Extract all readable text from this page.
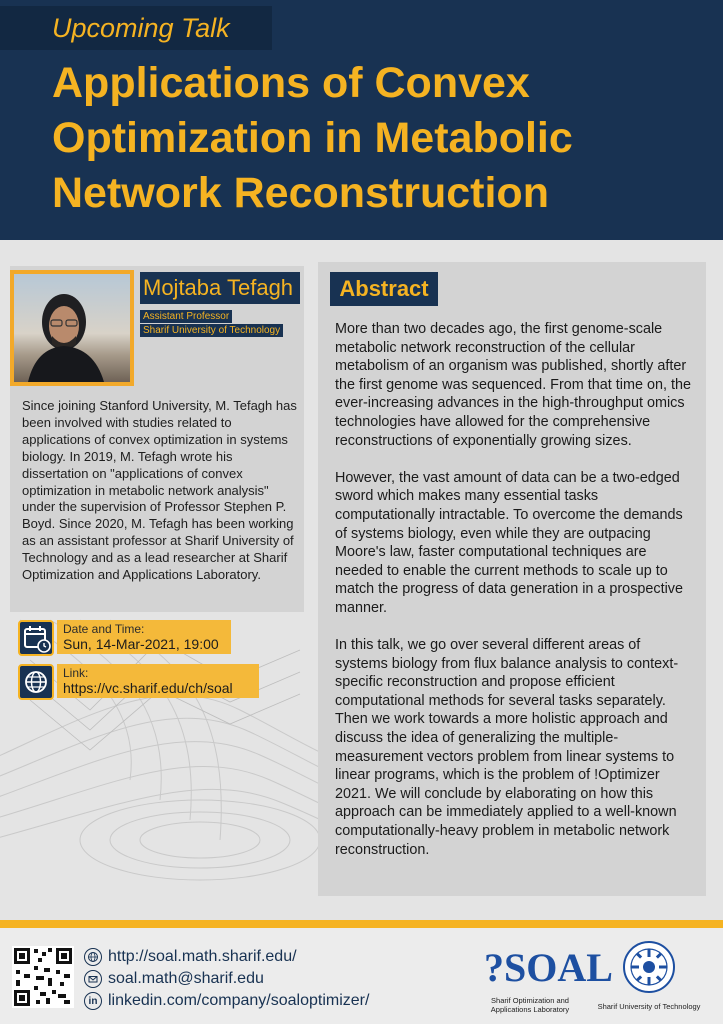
Upcoming Talk
Applications of Convex Optimization in Metabolic Network Reconstruction
Mojtaba Tefagh
Assistant Professor
Sharif University of Technology

Since joining Stanford University, M. Tefagh has been involved with studies related to applications of convex optimization in systems biology. In 2019, M. Tefagh wrote his dissertation on "applications of convex optimization in metabolic network analysis" under the supervision of Professor Stephen P. Boyd. Since 2020, M. Tefagh has been working as an assistant professor at Sharif University of Technology and as a lead researcher at Sharif Optimization and Applications Laboratory.

Date and Time:
Sun, 14-Mar-2021, 19:00
Link:
https://vc.sharif.edu/ch/soal
Abstract

More than two decades ago, the first genome-scale metabolic network reconstruction of the cellular metabolism of an organism was published, shortly after the first genome was sequenced. From that time on, the ever-increasing advances in the high-throughput omics technologies have allowed for the comprehensive reconstructions of exponentially growing sizes.

However, the vast amount of data can be a two-edged sword which makes many essential tasks computationally intractable. To overcome the demands of systems biology, even while they are outpacing Moore's law, faster computational techniques are needed to enable the current methods to scale up to match the progress of data generation in a prospective manner.

In this talk, we go over several different areas of systems biology from flux balance analysis to context-specific reconstruction and propose efficient computational methods for several tasks separately. Then we work towards a more holistic approach and discuss the idea of generalizing the multiple-measurement vectors problem from linear systems to linear programs, which is the problem of !Optimizer 2021. We will conclude by elaborating on how this approach can be immediately applied to a well-known computationally-heavy problem in metabolic network reconstruction.

http://soal.math.sharif.edu/
soal.math@sharif.edu
in linkedin.com/company/soaloptimizer/
?SOAL
Sharif Optimization and Applications Laboratory	Sharif University of Technology
